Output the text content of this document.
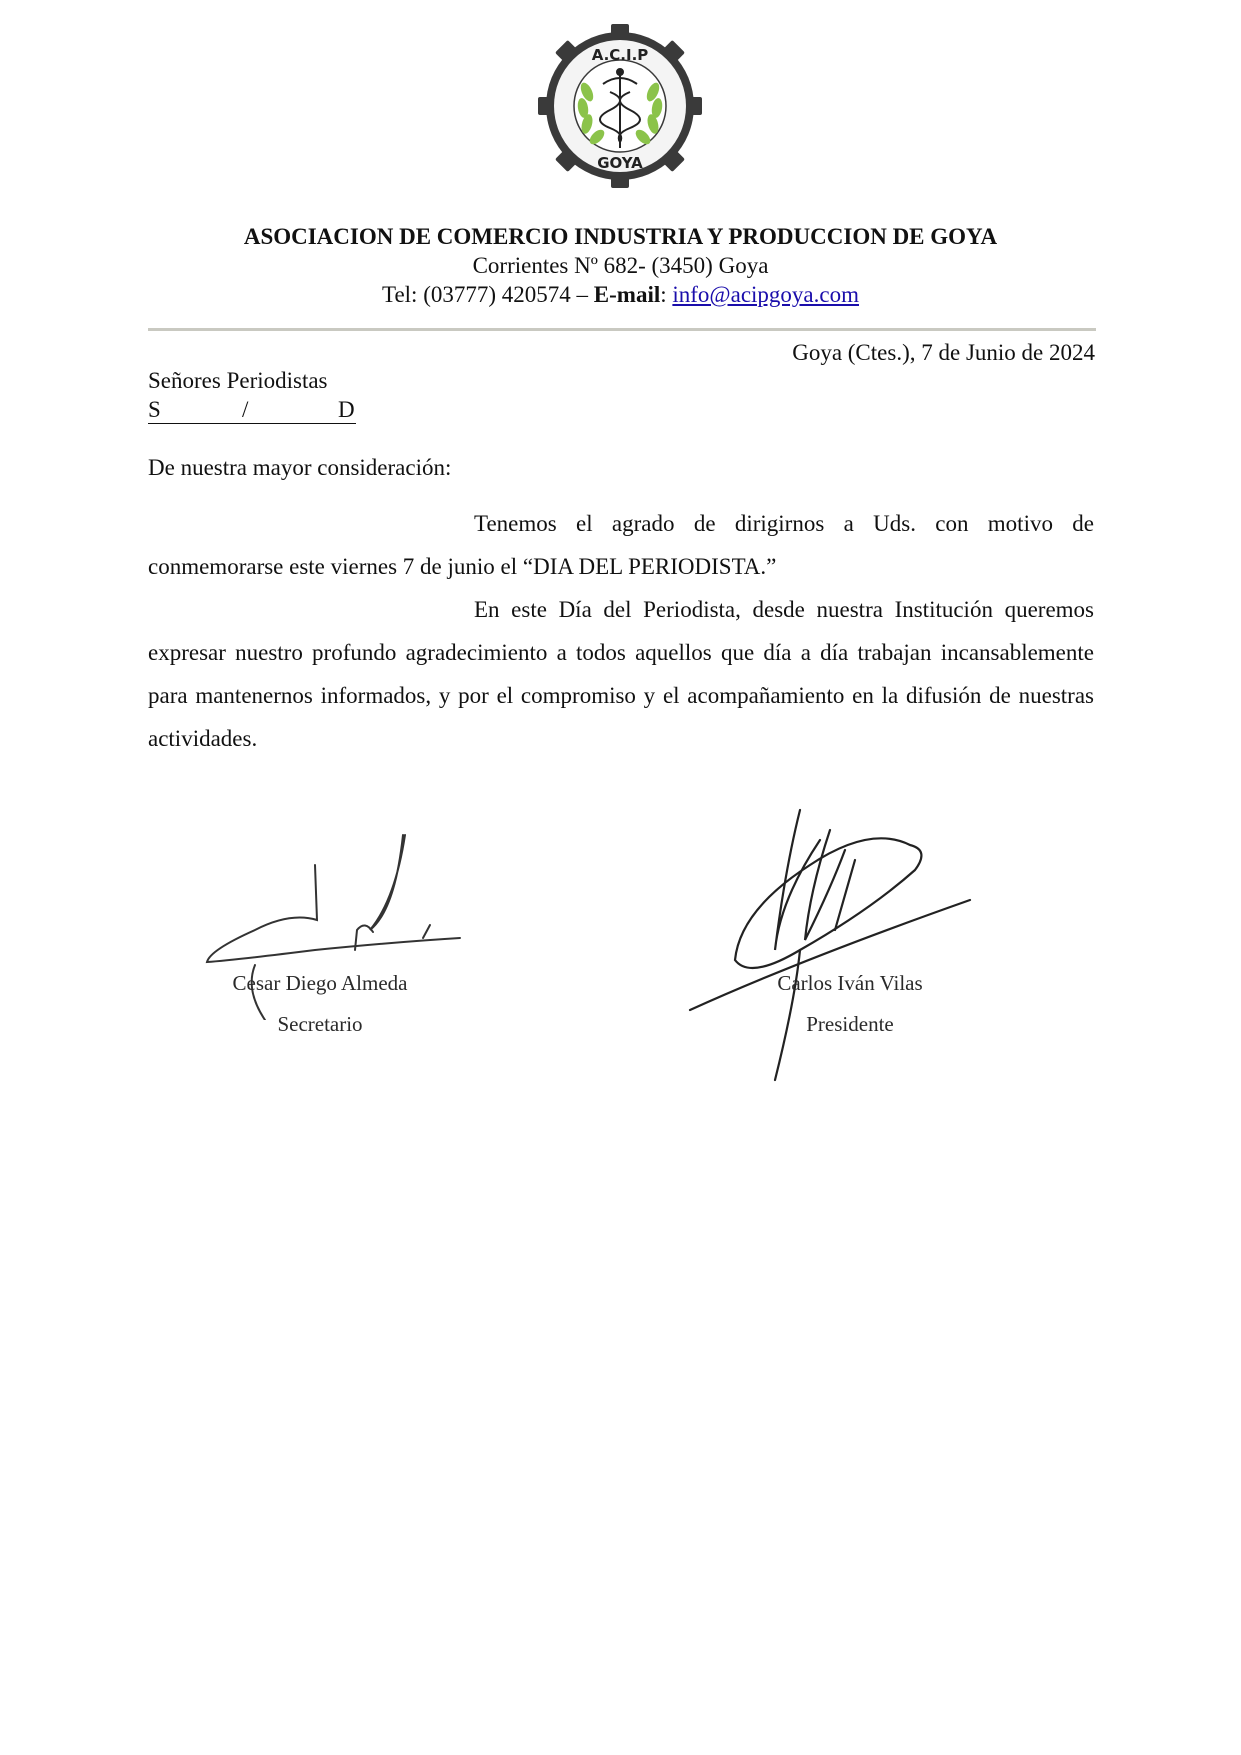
A.C.I.P
GOYA
ASOCIACION DE COMERCIO INDUSTRIA Y PRODUCCION DE GOYA
Corrientes Nº 682- (3450) Goya
Tel: (03777) 420574 – E-mail: info@acipgoya.com
Goya (Ctes.), 7 de Junio de 2024
Señores Periodistas
S	/	D
De nuestra mayor consideración:

Tenemos el agrado de dirigirnos a Uds. con motivo de conmemorarse este viernes 7 de junio el “DIA DEL PERIODISTA.”

En este Día del Periodista, desde nuestra Institución queremos expresar nuestro profundo agradecimiento a todos aquellos que día a día trabajan incansablemente para mantenernos informados, y por el compromiso y el acompañamiento en la difusión de nuestras actividades.

Cesar Diego Almeda
Secretario
Carlos Iván Vilas
Presidente
